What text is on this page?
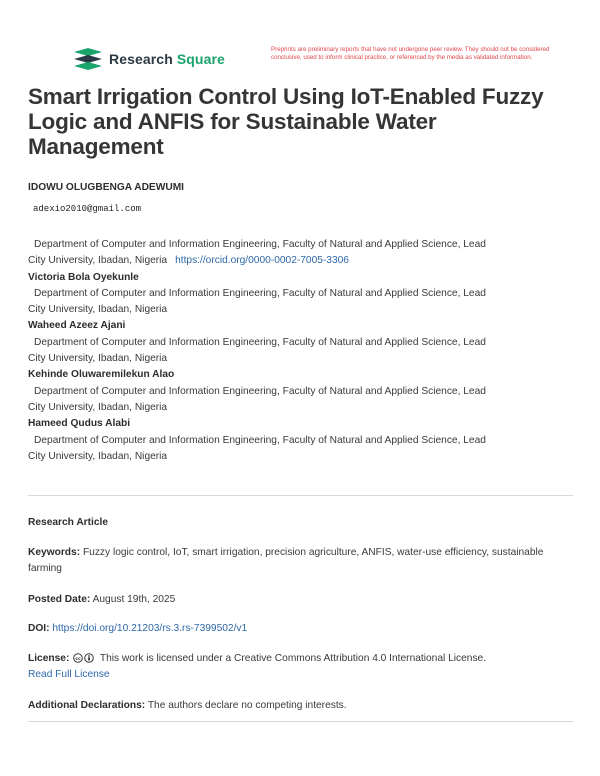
Research Square
Preprints are preliminary reports that have not undergone peer review. They should not be considered conclusive, used to inform clinical practice, or referenced by the media as validated information.
Smart Irrigation Control Using IoT-Enabled Fuzzy Logic and ANFIS for Sustainable Water Management
IDOWU OLUGBENGA ADEWUMI
adexio2010@gmail.com

Department of Computer and Information Engineering, Faculty of Natural and Applied Science, Lead

City University, Ibadan, Nigeria https://orcid.org/0000-0002-7005-3306

Victoria Bola Oyekunle

Department of Computer and Information Engineering, Faculty of Natural and Applied Science, Lead

City University, Ibadan, Nigeria

Waheed Azeez Ajani

Department of Computer and Information Engineering, Faculty of Natural and Applied Science, Lead

City University, Ibadan, Nigeria

Kehinde Oluwaremilekun Alao

Department of Computer and Information Engineering, Faculty of Natural and Applied Science, Lead

City University, Ibadan, Nigeria

Hameed Qudus Alabi

Department of Computer and Information Engineering, Faculty of Natural and Applied Science, Lead

City University, Ibadan, Nigeria

Research Article
Keywords: Fuzzy logic control, IoT, smart irrigation, precision agriculture, ANFIS, water-use efficiency, sustainable farming
Posted Date: August 19th, 2025
DOI: https://doi.org/10.21203/rs.3.rs-7399502/v1
License: cc This work is licensed under a Creative Commons Attribution 4.0 International License.
Read Full License
Additional Declarations: The authors declare no competing interests.
